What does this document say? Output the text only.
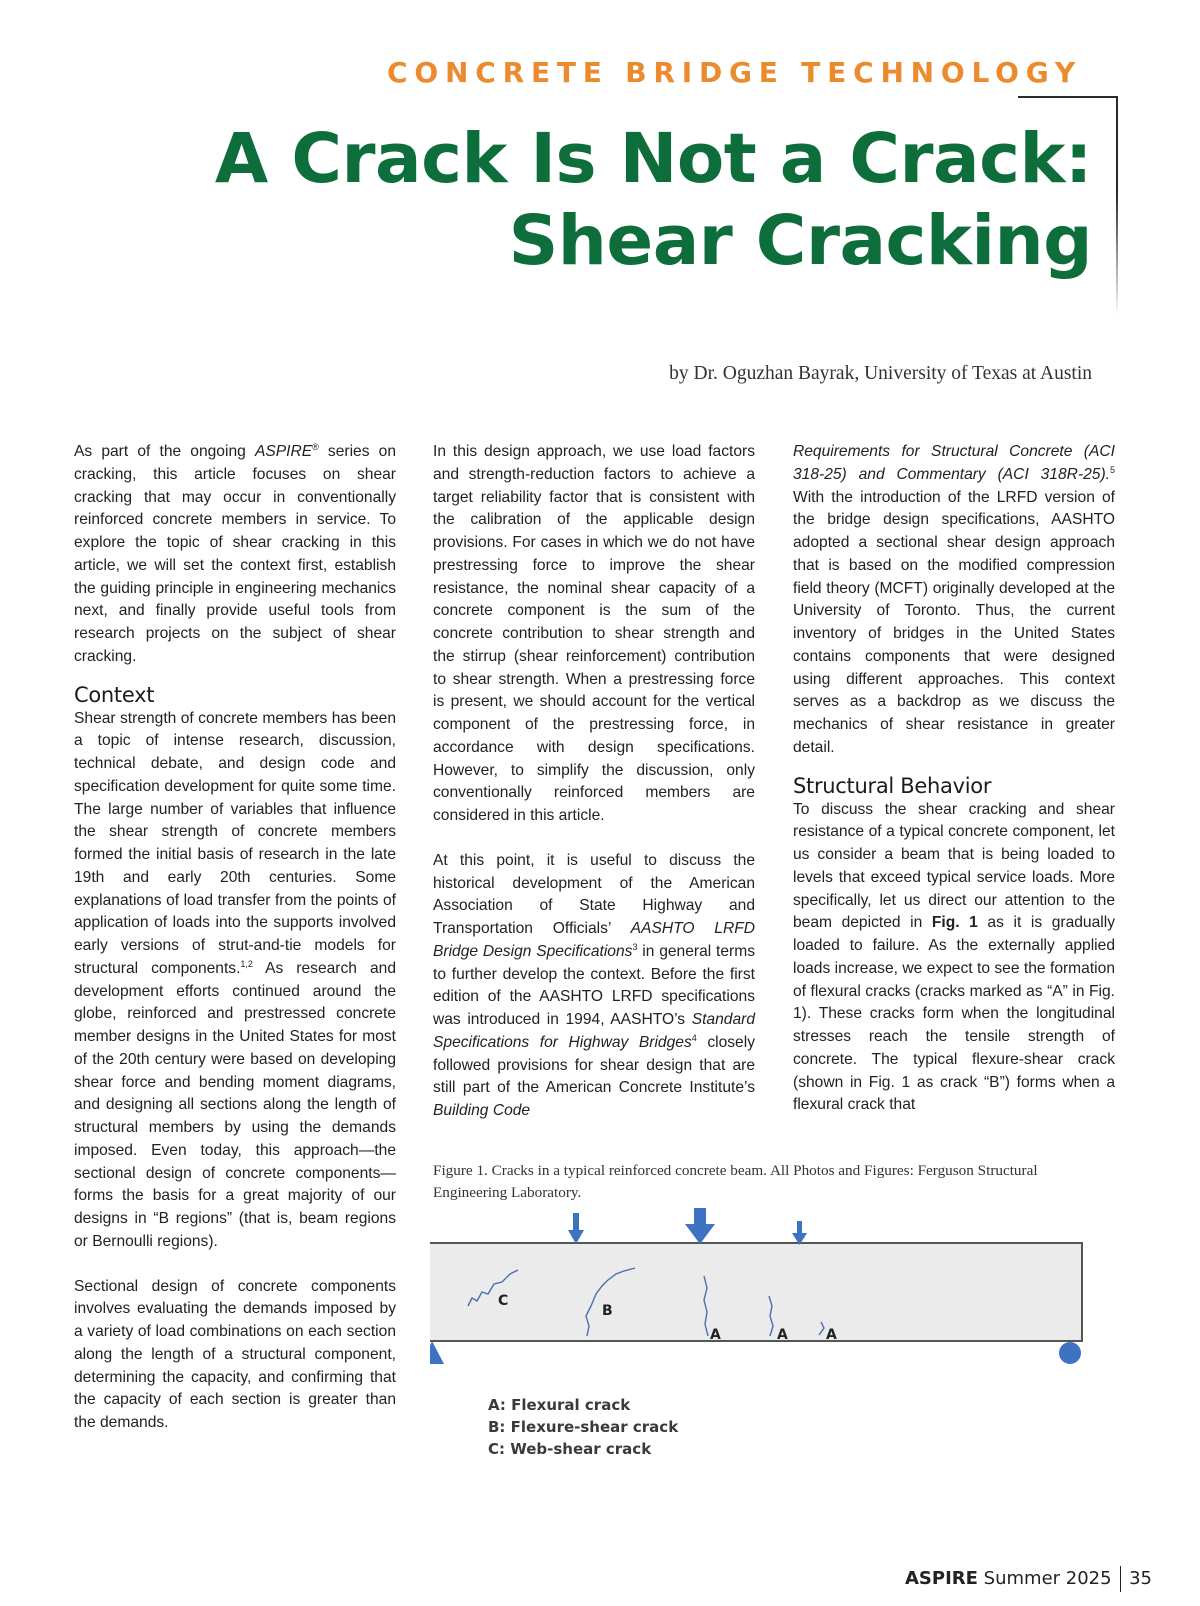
CONCRETE BRIDGE TECHNOLOGY
A Crack Is Not a Crack:
Shear Cracking
by Dr. Oguzhan Bayrak, University of Texas at Austin

As part of the ongoing ASPIRE® series on cracking, this article focuses on shear cracking that may occur in conventionally reinforced concrete members in service. To explore the topic of shear cracking in this article, we will set the context first, establish the guiding principle in engineering mechanics next, and finally provide useful tools from research projects on the subject of shear cracking.

Context

Shear strength of concrete members has been a topic of intense research, discussion, technical debate, and design code and specification development for quite some time. The large number of variables that influence the shear strength of concrete members formed the initial basis of research in the late 19th and early 20th centuries. Some explanations of load transfer from the points of application of loads into the supports involved early versions of strut-and-tie models for structural components.$^{1,2}$ As research and development efforts continued around the globe, reinforced and prestressed concrete member designs in the United States for most of the 20th century were based on developing shear force and bending moment diagrams, and designing all sections along the length of structural members by using the demands imposed. Even today, this approach—the sectional design of concrete components—forms the basis for a great majority of our designs in “B regions” (that is, beam regions or Bernoulli regions).

Sectional design of concrete components involves evaluating the demands imposed by a variety of load combinations on each section along the length of a structural component, determining the capacity, and confirming that the capacity of each section is greater than the demands.

In this design approach, we use load factors and strength-reduction factors to achieve a target reliability factor that is consistent with the calibration of the applicable design provisions. For cases in which we do not have prestressing force to improve the shear resistance, the nominal shear capacity of a concrete component is the sum of the concrete contribution to shear strength and the stirrup (shear reinforcement) contribution to shear strength. When a prestressing force is present, we should account for the vertical component of the prestressing force, in accordance with design specifications. However, to simplify the discussion, only conventionally reinforced members are considered in this article.

At this point, it is useful to discuss the historical development of the American Association of State Highway and Transportation Officials’ AASHTO LRFD Bridge Design Specifications$^3$ in general terms to further develop the context. Before the first edition of the AASHTO LRFD specifications was introduced in 1994, AASHTO’s Standard Specifications for Highway Bridges$^4$ closely followed provisions for shear design that are still part of the American Concrete Institute’s Building Code

Requirements for Structural Concrete (ACI 318-25) and Commentary (ACI 318R-25).$^5$ With the introduction of the LRFD version of the bridge design specifications, AASHTO adopted a sectional shear design approach that is based on the modified compression field theory (MCFT) originally developed at the University of Toronto. Thus, the current inventory of bridges in the United States contains components that were designed using different approaches. This context serves as a backdrop as we discuss the mechanics of shear resistance in greater detail.

Structural Behavior

To discuss the shear cracking and shear resistance of a typical concrete component, let us consider a beam that is being loaded to levels that exceed typical service loads. More specifically, let us direct our attention to the beam depicted in Fig. 1 as it is gradually loaded to failure. As the externally applied loads increase, we expect to see the formation of flexural cracks (cracks marked as “A” in Fig. 1). These cracks form when the longitudinal stresses reach the tensile strength of concrete. The typical flexure-shear crack (shown in Fig. 1 as crack “B”) forms when a flexural crack that

Figure 1. Cracks in a typical reinforced concrete beam. All Photos and Figures: Ferguson Structural Engineering Laboratory.
C
B
A	A	A
A: Flexural crack
B: Flexure-shear crack
C: Web-shear crack
ASPIRE Summer 2025 35
